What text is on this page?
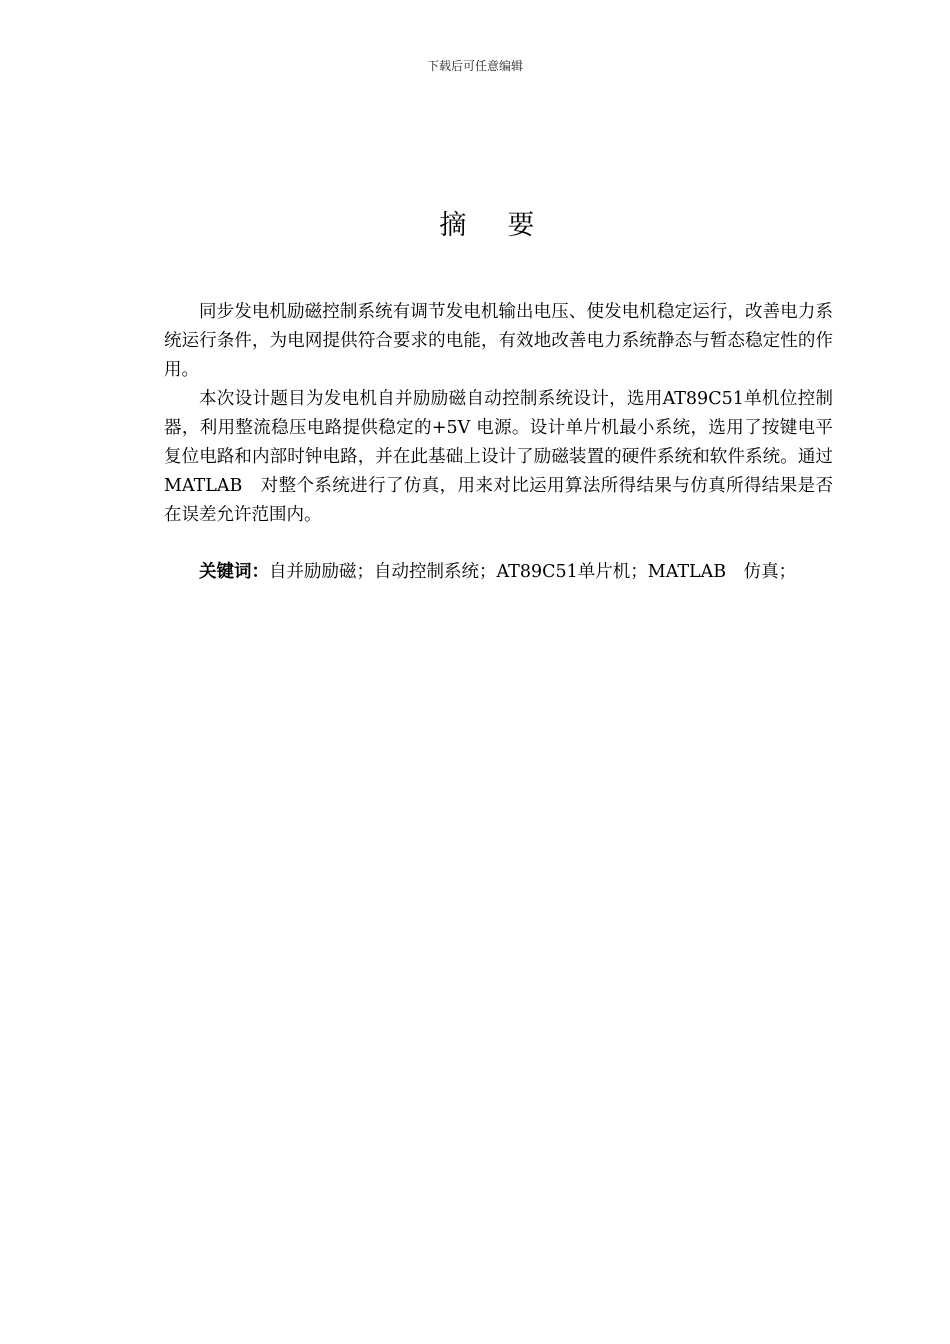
下载后可任意编辑
摘 要

同步发电机励磁控制系统有调节发电机输出电压、使发电机稳定运行，改善电力系统运行条件，为电网提供符合要求的电能，有效地改善电力系统静态与暂态稳定性的作用。

本次设计题目为发电机自并励励磁自动控制系统设计，选用AT89C51单机位控制器，利用整流稳压电路提供稳定的+5V 电源。设计单片机最小系统，选用了按键电平复位电路和内部时钟电路，并在此基础上设计了励磁装置的硬件系统和软件系统。通过MATLAB　对整个系统进行了仿真，用来对比运用算法所得结果与仿真所得结果是否在误差允许范围内。

关键词：自并励励磁；自动控制系统；AT89C51单片机；MATLAB　仿真；
